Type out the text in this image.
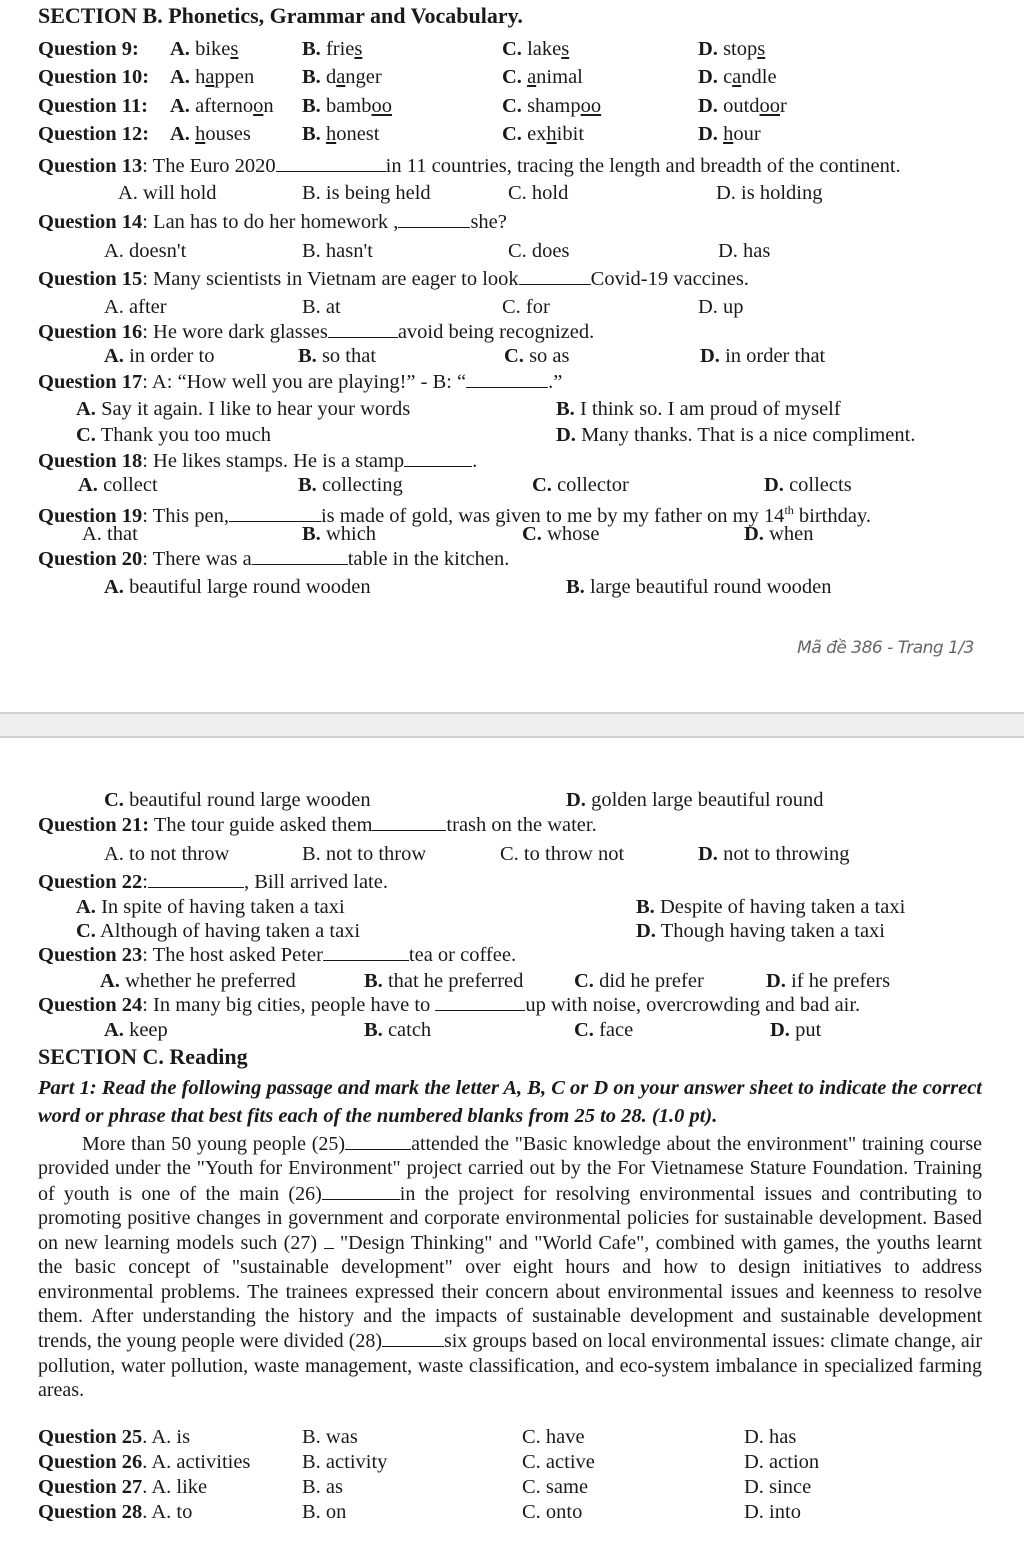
SECTION B. Phonetics, Grammar and Vocabulary.
Question 9: A. bikes	B. fries	C. lakes	D. stops
Question 10: A. happen B. danger	C. animal	D. candle
Question 11: A. afternoon B. bamboo	C. shampoo	D. outdoor
Question 12: A. houses B. honest	C. exhibit	D. hour
Question 13: The Euro 2020	in 11 countries, tracing the length and breadth of the continent.
A. will hold	B. is being held	C. hold	D. is holding
Question 14: Lan has to do her homework ,	she?
A. doesn't	B. hasn't	C. does	D. has
Question 15: Many scientists in Vietnam are eager to look	Covid-19 vaccines.
A. after	B. at	C. for	D. up
Question 16: He wore dark glasses	avoid being recognized.
A. in order to	B. so that	C. so as	D. in order that
Question 17: A: “How well you are playing!” - B: “	.”
A. Say it again. I like to hear your words	B. I think so. I am proud of myself
C. Thank you too much	D. Many thanks. That is a nice compliment.
Question 18: He likes stamps. He is a stamp	.
A. collect	B. collecting	C. collector	D. collects
Question 19: This pen,	is made of gold, was given to me by my father on my 14th birthday.
A. that	B. which	C. whose	D. when
Question 20: There was a	table in the kitchen.
A. beautiful large round wooden	B. large beautiful round wooden
Mã đề 386 - Trang 1/3
C. beautiful round large wooden	D. golden large beautiful round
Question 21: The tour guide asked them	trash on the water.
A. to not throw	B. not to throw	C. to throw not	D. not to throwing
Question 22:	, Bill arrived late.
A. In spite of having taken a taxi	B. Despite of having taken a taxi
C. Although of having taken a taxi	D. Though having taken a taxi
Question 23: The host asked Peter	tea or coffee.
A. whether he preferred	B. that he preferred C. did he prefer	D. if he prefers
Question 24: In many big cities, people have to	up with noise, overcrowding and bad air.
A. keep	B. catch	C. face	D. put
SECTION C. Reading

Part 1: Read the following passage and mark the letter A, B, C or D on your answer sheet to indicate the correct word or phrase that best fits each of the numbered blanks from 25 to 28. (1.0 pt).

More than 50 young people (25)	attended the "Basic knowledge about the environment" training course provided under the "Youth for Environment" project carried out by the For Vietnamese Stature Foundation. Training of youth is one of the main (26)	in the project for resolving environmental issues and contributing to promoting positive changes in government and corporate environmental policies for sustainable development. Based on new learning models such (27) "Design Thinking" and "World Cafe", combined with games, the youths learnt the basic concept of "sustainable development" over eight hours and how to design initiatives to address environmental problems. The trainees expressed their concern about environmental issues and keenness to resolve them. After understanding the history and the impacts of sustainable development and sustainable development trends, the young people were divided (28)	six groups based on local environmental issues: climate change, air pollution, water pollution, waste management, waste classification, and eco-system imbalance in specialized farming areas.

Question 25. A. is	B. was	C. have	D. has
Question 26. A. activities	B. activity	C. active	D. action
Question 27. A. like	B. as	C. same	D. since
Question 28. A. to	B. on	C. onto	D. into
